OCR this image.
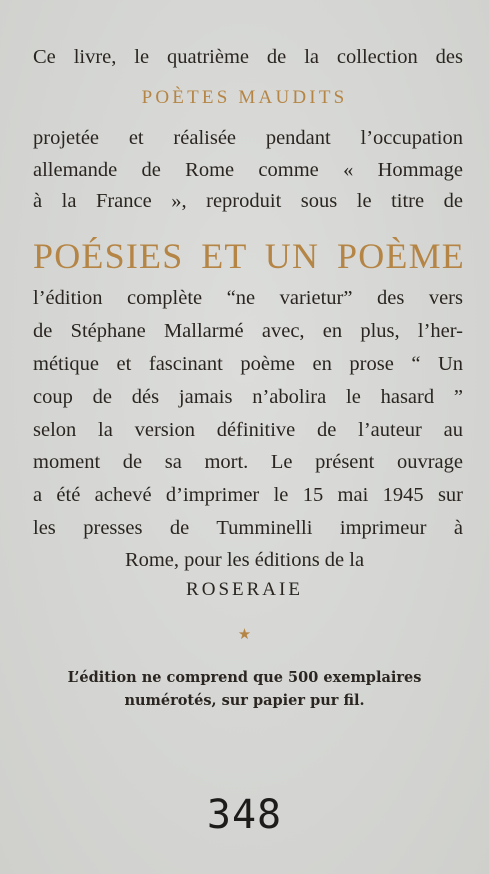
Ce livre, le quatrième de la collection des
POÈTES MAUDITS
projetée et réalisée pendant l’occupation
allemande de Rome comme « Hommage
à la France », reproduit sous le titre de
POÉSIES ET UN POÈME
l’édition complète “ne varietur” des vers
de Stéphane Mallarmé avec, en plus, l’her-
métique et fascinant poème en prose “ Un
coup de dés jamais n’abolira le hasard ”
selon la version définitive de l’auteur au
moment de sa mort. Le présent ouvrage
a été achevé d’imprimer le 15 mai 1945 sur
les presses de Tumminelli imprimeur à
Rome, pour les éditions de la
ROSERAIE
★
L’édition ne comprend que 500 exemplaires
numérotés, sur papier pur fil.
348
